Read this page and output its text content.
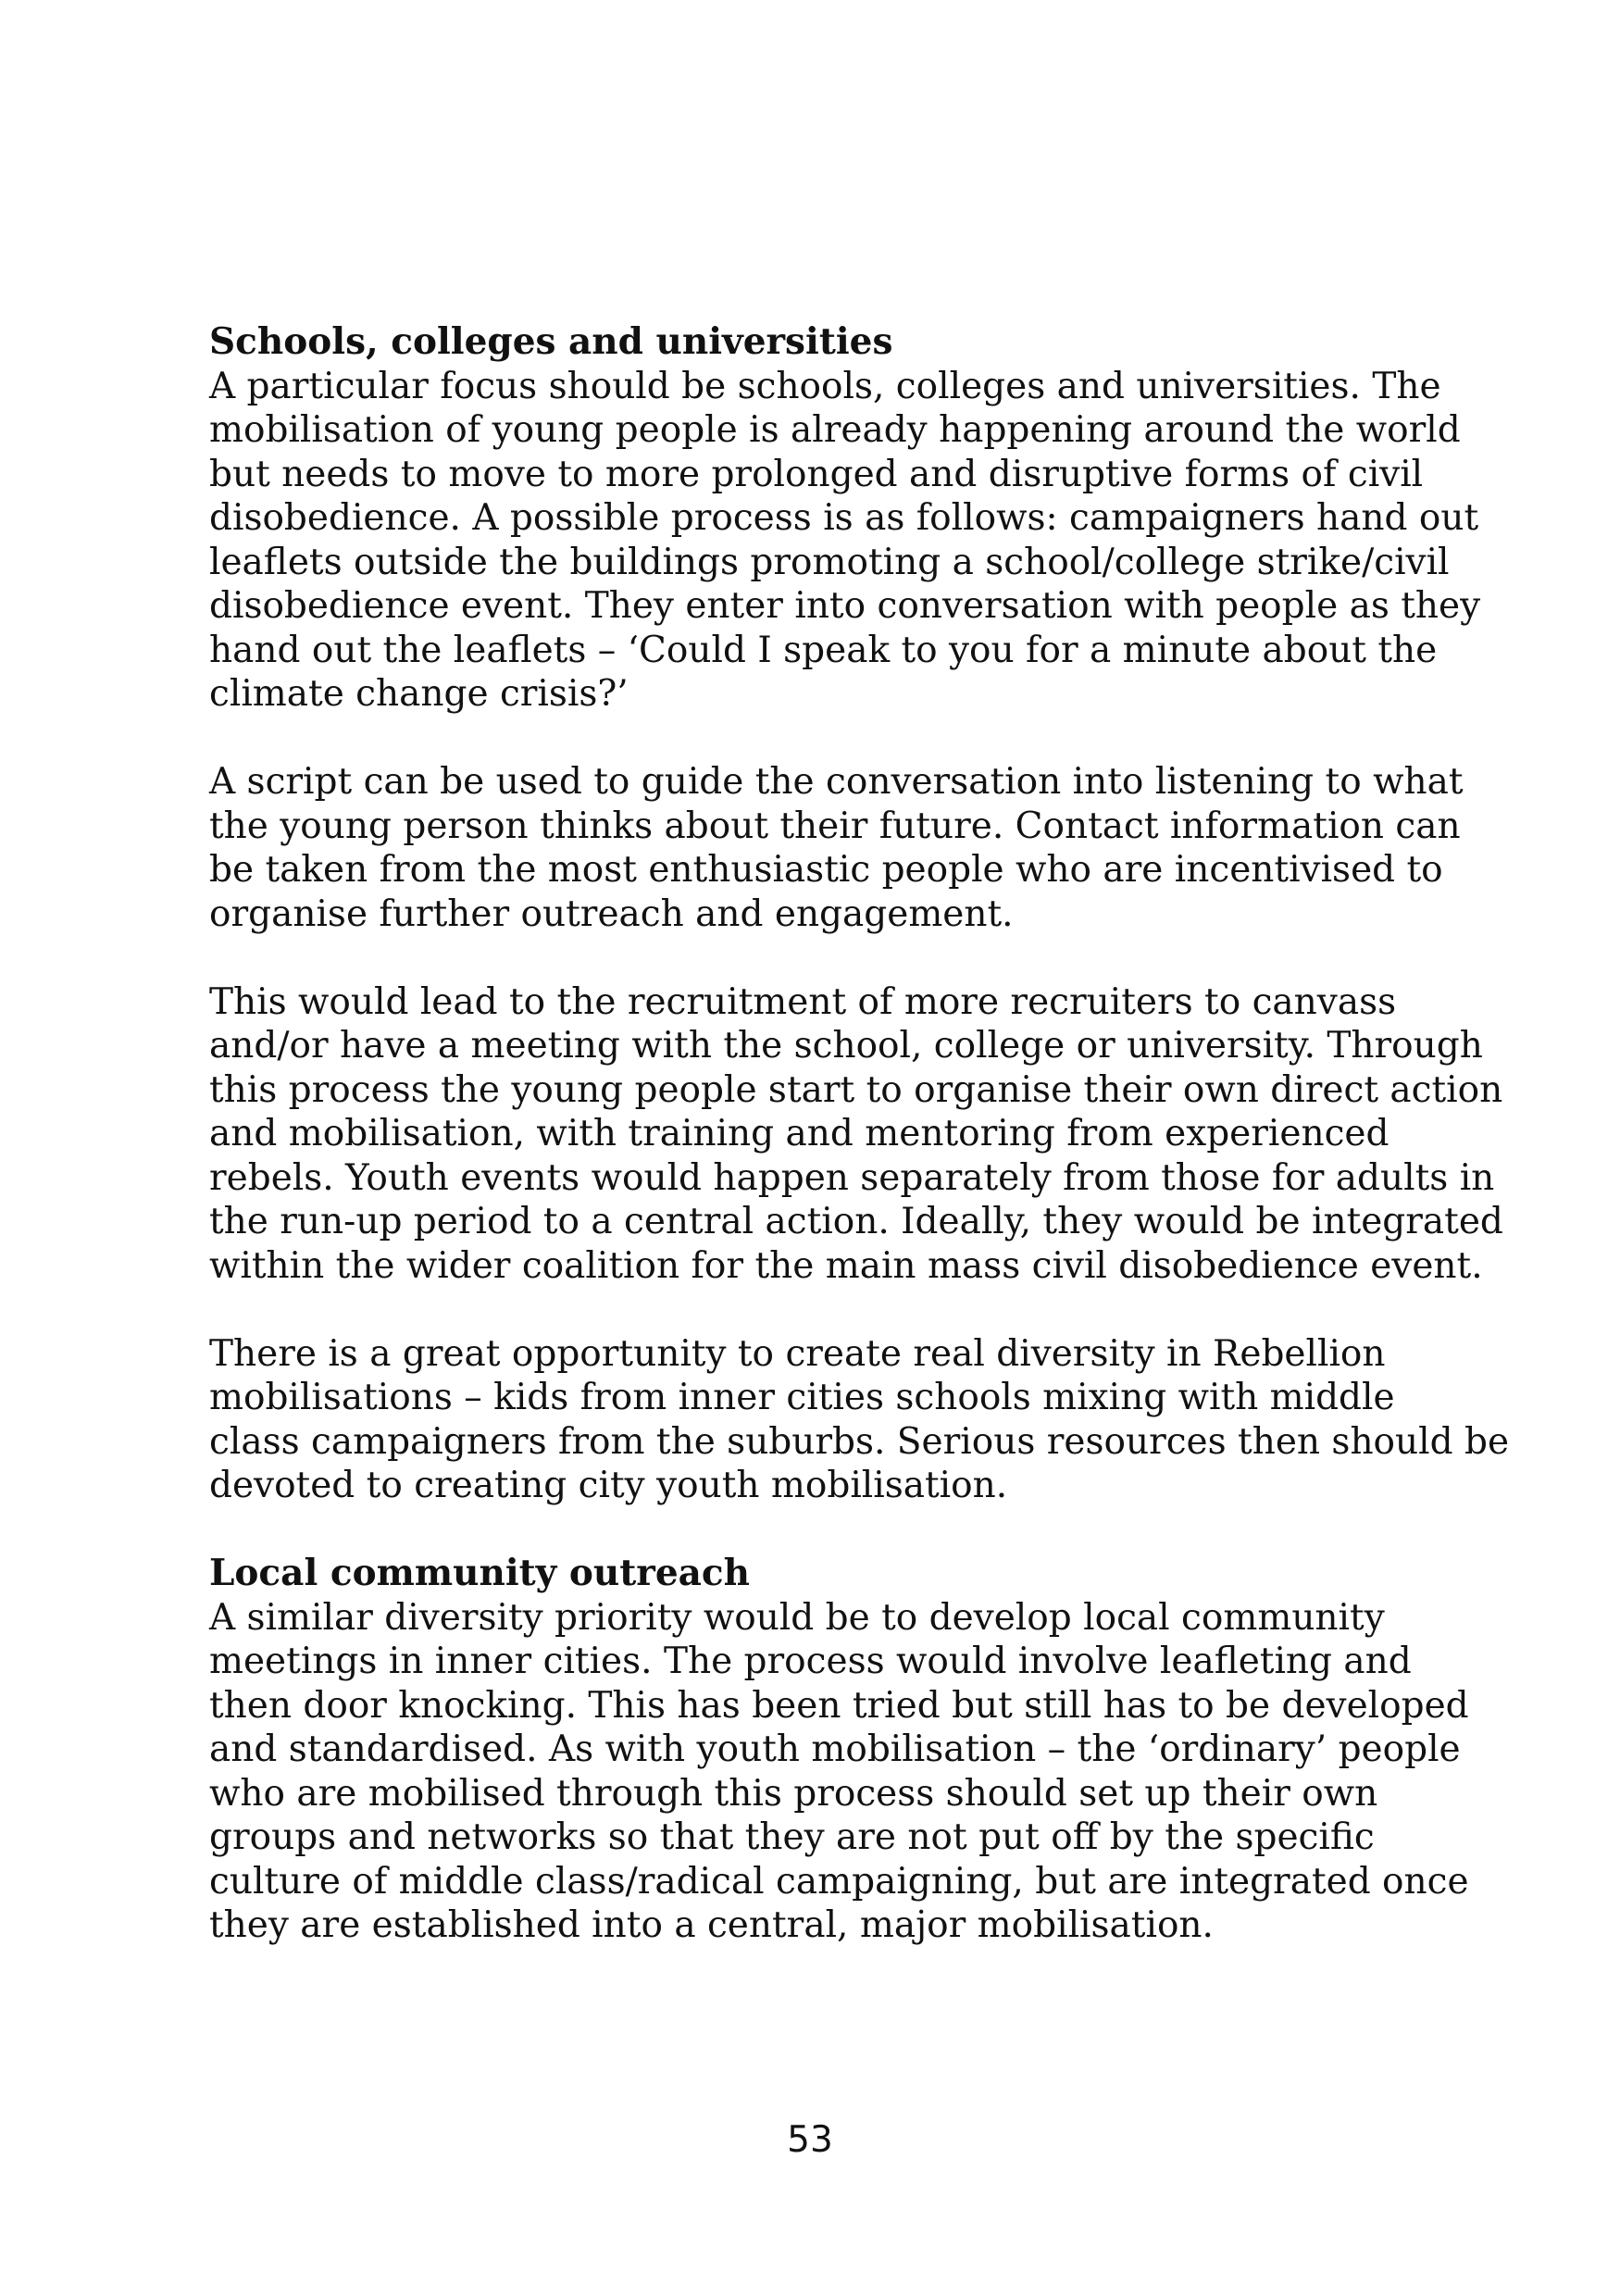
Schools, colleges and universities
A particular focus should be schools, colleges and universities. The
mobilisation of young people is already happening around the world
but needs to move to more prolonged and disruptive forms of civil
disobedience. A possible process is as follows: campaigners hand out
leaflets outside the buildings promoting a school/college strike/civil
disobedience event. They enter into conversation with people as they
hand out the leaflets – ‘Could I speak to you for a minute about the
climate change crisis?’
A script can be used to guide the conversation into listening to what
the young person thinks about their future. Contact information can
be taken from the most enthusiastic people who are incentivised to
organise further outreach and engagement.
This would lead to the recruitment of more recruiters to canvass
and/or have a meeting with the school, college or university. Through
this process the young people start to organise their own direct action
and mobilisation, with training and mentoring from experienced
rebels. Youth events would happen separately from those for adults in
the run-up period to a central action. Ideally, they would be integrated
within the wider coalition for the main mass civil disobedience event.
There is a great opportunity to create real diversity in Rebellion
mobilisations – kids from inner cities schools mixing with middle
class campaigners from the suburbs. Serious resources then should be
devoted to creating city youth mobilisation.
Local community outreach
A similar diversity priority would be to develop local community
meetings in inner cities. The process would involve leafleting and
then door knocking. This has been tried but still has to be developed
and standardised. As with youth mobilisation – the ‘ordinary’ people
who are mobilised through this process should set up their own
groups and networks so that they are not put off by the specific
culture of middle class/radical campaigning, but are integrated once
they are established into a central, major mobilisation.
53
